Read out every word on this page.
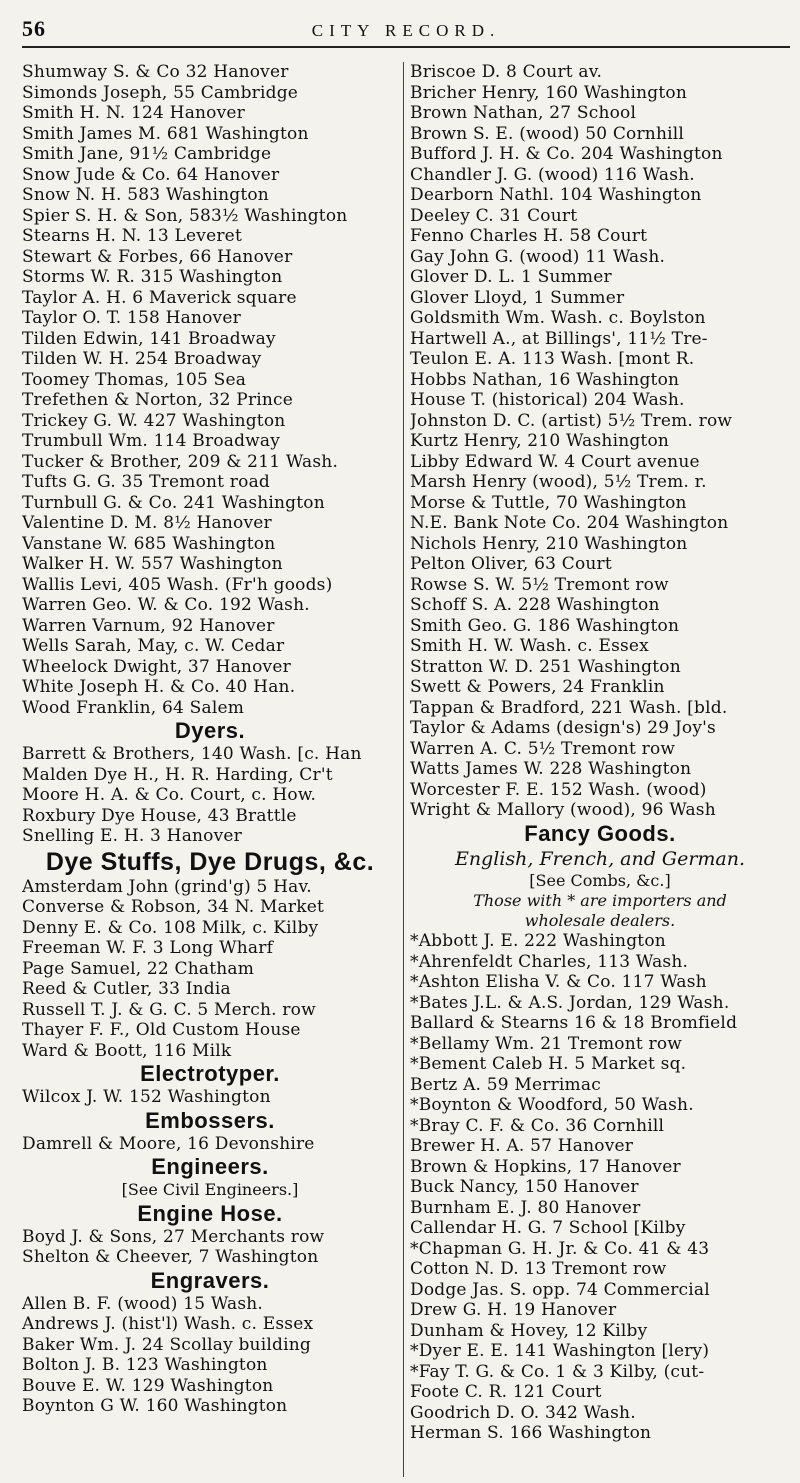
56	CITY RECORD.
Shumway S. & Co 32 Hanover
Simonds Joseph, 55 Cambridge
Smith H. N. 124 Hanover
Smith James M. 681 Washington
Smith Jane, 91½ Cambridge
Snow Jude & Co. 64 Hanover
Snow N. H. 583 Washington
Spier S. H. & Son, 583½ Washington
Stearns H. N. 13 Leveret
Stewart & Forbes, 66 Hanover
Storms W. R. 315 Washington
Taylor A. H. 6 Maverick square
Taylor O. T. 158 Hanover
Tilden Edwin, 141 Broadway
Tilden W. H. 254 Broadway
Toomey Thomas, 105 Sea
Trefethen & Norton, 32 Prince
Trickey G. W. 427 Washington
Trumbull Wm. 114 Broadway
Tucker & Brother, 209 & 211 Wash.
Tufts G. G. 35 Tremont road
Turnbull G. & Co. 241 Washington
Valentine D. M. 8½ Hanover
Vanstane W. 685 Washington
Walker H. W. 557 Washington
Wallis Levi, 405 Wash. (Fr'h goods)
Warren Geo. W. & Co. 192 Wash.
Warren Varnum, 92 Hanover
Wells Sarah, May, c. W. Cedar
Wheelock Dwight, 37 Hanover
White Joseph H. & Co. 40 Han.
Wood Franklin, 64 Salem
Dyers.
Barrett & Brothers, 140 Wash. [c. Han
Malden Dye H., H. R. Harding, Cr't
Moore H. A. & Co. Court, c. How.
Roxbury Dye House, 43 Brattle
Snelling E. H. 3 Hanover
Dye Stuffs, Dye Drugs, &c.
Amsterdam John (grind'g) 5 Hav.
Converse & Robson, 34 N. Market
Denny E. & Co. 108 Milk, c. Kilby
Freeman W. F. 3 Long Wharf
Page Samuel, 22 Chatham
Reed & Cutler, 33 India
Russell T. J. & G. C. 5 Merch. row
Thayer F. F., Old Custom House
Ward & Boott, 116 Milk
Electrotyper.
Wilcox J. W. 152 Washington
Embossers.
Damrell & Moore, 16 Devonshire
Engineers.
[See Civil Engineers.]
Engine Hose.
Boyd J. & Sons, 27 Merchants row
Shelton & Cheever, 7 Washington
Engravers.
Allen B. F. (wood) 15 Wash.
Andrews J. (hist'l) Wash. c. Essex
Baker Wm. J. 24 Scollay building
Bolton J. B. 123 Washington
Bouve E. W. 129 Washington
Boynton G W. 160 Washington
Briscoe D. 8 Court av.
Bricher Henry, 160 Washington
Brown Nathan, 27 School
Brown S. E. (wood) 50 Cornhill
Bufford J. H. & Co. 204 Washington
Chandler J. G. (wood) 116 Wash.
Dearborn Nathl. 104 Washington
Deeley C. 31 Court
Fenno Charles H. 58 Court
Gay John G. (wood) 11 Wash.
Glover D. L. 1 Summer
Glover Lloyd, 1 Summer
Goldsmith Wm. Wash. c. Boylston
Hartwell A., at Billings', 11½ Tre-
Teulon E. A. 113 Wash. [mont R.
Hobbs Nathan, 16 Washington
House T. (historical) 204 Wash.
Johnston D. C. (artist) 5½ Trem. row
Kurtz Henry, 210 Washington
Libby Edward W. 4 Court avenue
Marsh Henry (wood), 5½ Trem. r.
Morse & Tuttle, 70 Washington
N.E. Bank Note Co. 204 Washington
Nichols Henry, 210 Washington
Pelton Oliver, 63 Court
Rowse S. W. 5½ Tremont row
Schoff S. A. 228 Washington
Smith Geo. G. 186 Washington
Smith H. W. Wash. c. Essex
Stratton W. D. 251 Washington
Swett & Powers, 24 Franklin
Tappan & Bradford, 221 Wash. [bld.
Taylor & Adams (design's) 29 Joy's
Warren A. C. 5½ Tremont row
Watts James W. 228 Washington
Worcester F. E. 152 Wash. (wood)
Wright & Mallory (wood), 96 Wash
Fancy Goods.
English, French, and German.
[See Combs, &c.]
Those with * are importers and
wholesale dealers.
*Abbott J. E. 222 Washington
*Ahrenfeldt Charles, 113 Wash.
*Ashton Elisha V. & Co. 117 Wash
*Bates J.L. & A.S. Jordan, 129 Wash.
Ballard & Stearns 16 & 18 Bromfield
*Bellamy Wm. 21 Tremont row
*Bement Caleb H. 5 Market sq.
Bertz A. 59 Merrimac
*Boynton & Woodford, 50 Wash.
*Bray C. F. & Co. 36 Cornhill
Brewer H. A. 57 Hanover
Brown & Hopkins, 17 Hanover
Buck Nancy, 150 Hanover
Burnham E. J. 80 Hanover
Callendar H. G. 7 School [Kilby
*Chapman G. H. Jr. & Co. 41 & 43
Cotton N. D. 13 Tremont row
Dodge Jas. S. opp. 74 Commercial
Drew G. H. 19 Hanover
Dunham & Hovey, 12 Kilby
*Dyer E. E. 141 Washington [lery)
*Fay T. G. & Co. 1 & 3 Kilby, (cut-
Foote C. R. 121 Court
Goodrich D. O. 342 Wash.
Herman S. 166 Washington
